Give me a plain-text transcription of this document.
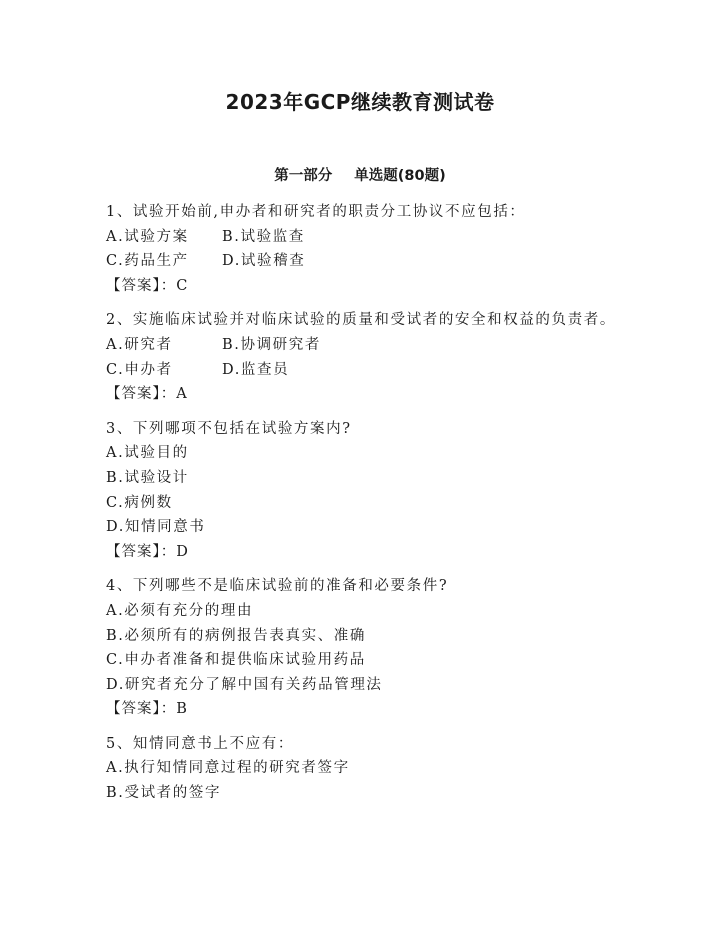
2023年GCP继续教育测试卷
第一部分 单选题(80题)
1、试验开始前,申办者和研究者的职责分工协议不应包括：
A.试验方案	B.试验监查
C.药品生产	D.试验稽查
【答案】：C
2、实施临床试验并对临床试验的质量和受试者的安全和权益的负责者。
A.研究者	B.协调研究者
C.申办者	D.监查员
【答案】：A
3、下列哪项不包括在试验方案内?
A.试验目的
B.试验设计
C.病例数
D.知情同意书
【答案】：D
4、下列哪些不是临床试验前的准备和必要条件?
A.必须有充分的理由
B.必须所有的病例报告表真实、准确
C.申办者准备和提供临床试验用药品
D.研究者充分了解中国有关药品管理法
【答案】：B
5、知情同意书上不应有：
A.执行知情同意过程的研究者签字
B.受试者的签字
